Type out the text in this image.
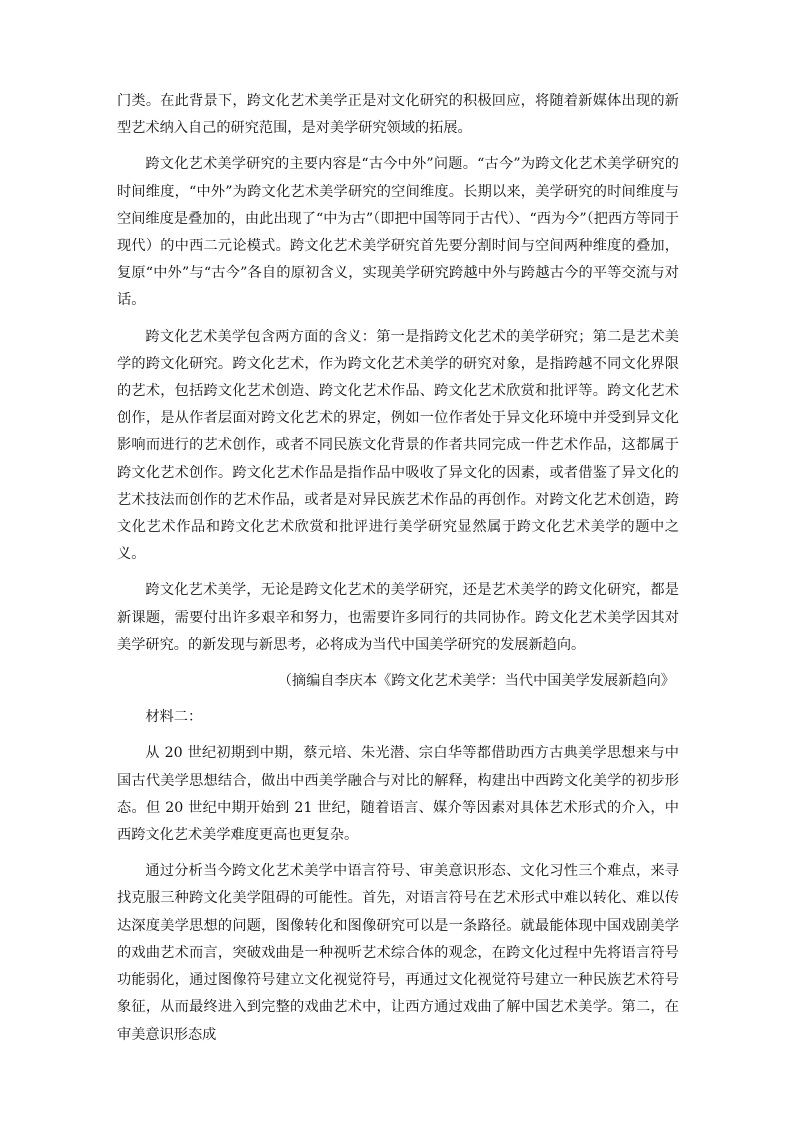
门类。在此背景下，跨文化艺术美学正是对文化研究的积极回应，将随着新媒体出现的新型艺术纳入自己的研究范围，是对美学研究领域的拓展。

跨文化艺术美学研究的主要内容是“古今中外”问题。“古今”为跨文化艺术美学研究的时间维度，“中外”为跨文化艺术美学研究的空间维度。长期以来，美学研究的时间维度与空间维度是叠加的，由此出现了“中为古”（即把中国等同于古代）、“西为今”（把西方等同于现代）的中西二元论模式。跨文化艺术美学研究首先要分割时间与空间两种维度的叠加，复原“中外”与“古今”各自的原初含义，实现美学研究跨越中外与跨越古今的平等交流与对话。

跨文化艺术美学包含两方面的含义：第一是指跨文化艺术的美学研究；第二是艺术美学的跨文化研究。跨文化艺术，作为跨文化艺术美学的研究对象，是指跨越不同文化界限的艺术，包括跨文化艺术创造、跨文化艺术作品、跨文化艺术欣赏和批评等。跨文化艺术创作，是从作者层面对跨文化艺术的界定，例如一位作者处于异文化环境中并受到异文化影响而进行的艺术创作，或者不同民族文化背景的作者共同完成一件艺术作品，这都属于跨文化艺术创作。跨文化艺术作品是指作品中吸收了异文化的因素，或者借鉴了异文化的艺术技法而创作的艺术作品，或者是对异民族艺术作品的再创作。对跨文化艺术创造，跨文化艺术作品和跨文化艺术欣赏和批评进行美学研究显然属于跨文化艺术美学的题中之义。

跨文化艺术美学，无论是跨文化艺术的美学研究，还是艺术美学的跨文化研究，都是新课题，需要付出许多艰辛和努力，也需要许多同行的共同协作。跨文化艺术美学因其对美学研究。的新发现与新思考，必将成为当代中国美学研究的发展新趋向。

（摘编自李庆本《跨文化艺术美学：当代中国美学发展新趋向》

材料二：

从 20 世纪初期到中期，蔡元培、朱光潜、宗白华等都借助西方古典美学思想来与中国古代美学思想结合，做出中西美学融合与对比的解释，构建出中西跨文化美学的初步形态。但 20 世纪中期开始到 21 世纪，随着语言、媒介等因素对具体艺术形式的介入，中西跨文化艺术美学难度更高也更复杂。

通过分析当今跨文化艺术美学中语言符号、审美意识形态、文化习性三个难点，来寻找克服三种跨文化美学阻碍的可能性。首先，对语言符号在艺术形式中难以转化、难以传达深度美学思想的问题，图像转化和图像研究可以是一条路径。就最能体现中国戏剧美学的戏曲艺术而言，突破戏曲是一种视听艺术综合体的观念，在跨文化过程中先将语言符号功能弱化，通过图像符号建立文化视觉符号，再通过文化视觉符号建立一种民族艺术符号象征，从而最终进入到完整的戏曲艺术中，让西方通过戏曲了解中国艺术美学。第二，在审美意识形态成
